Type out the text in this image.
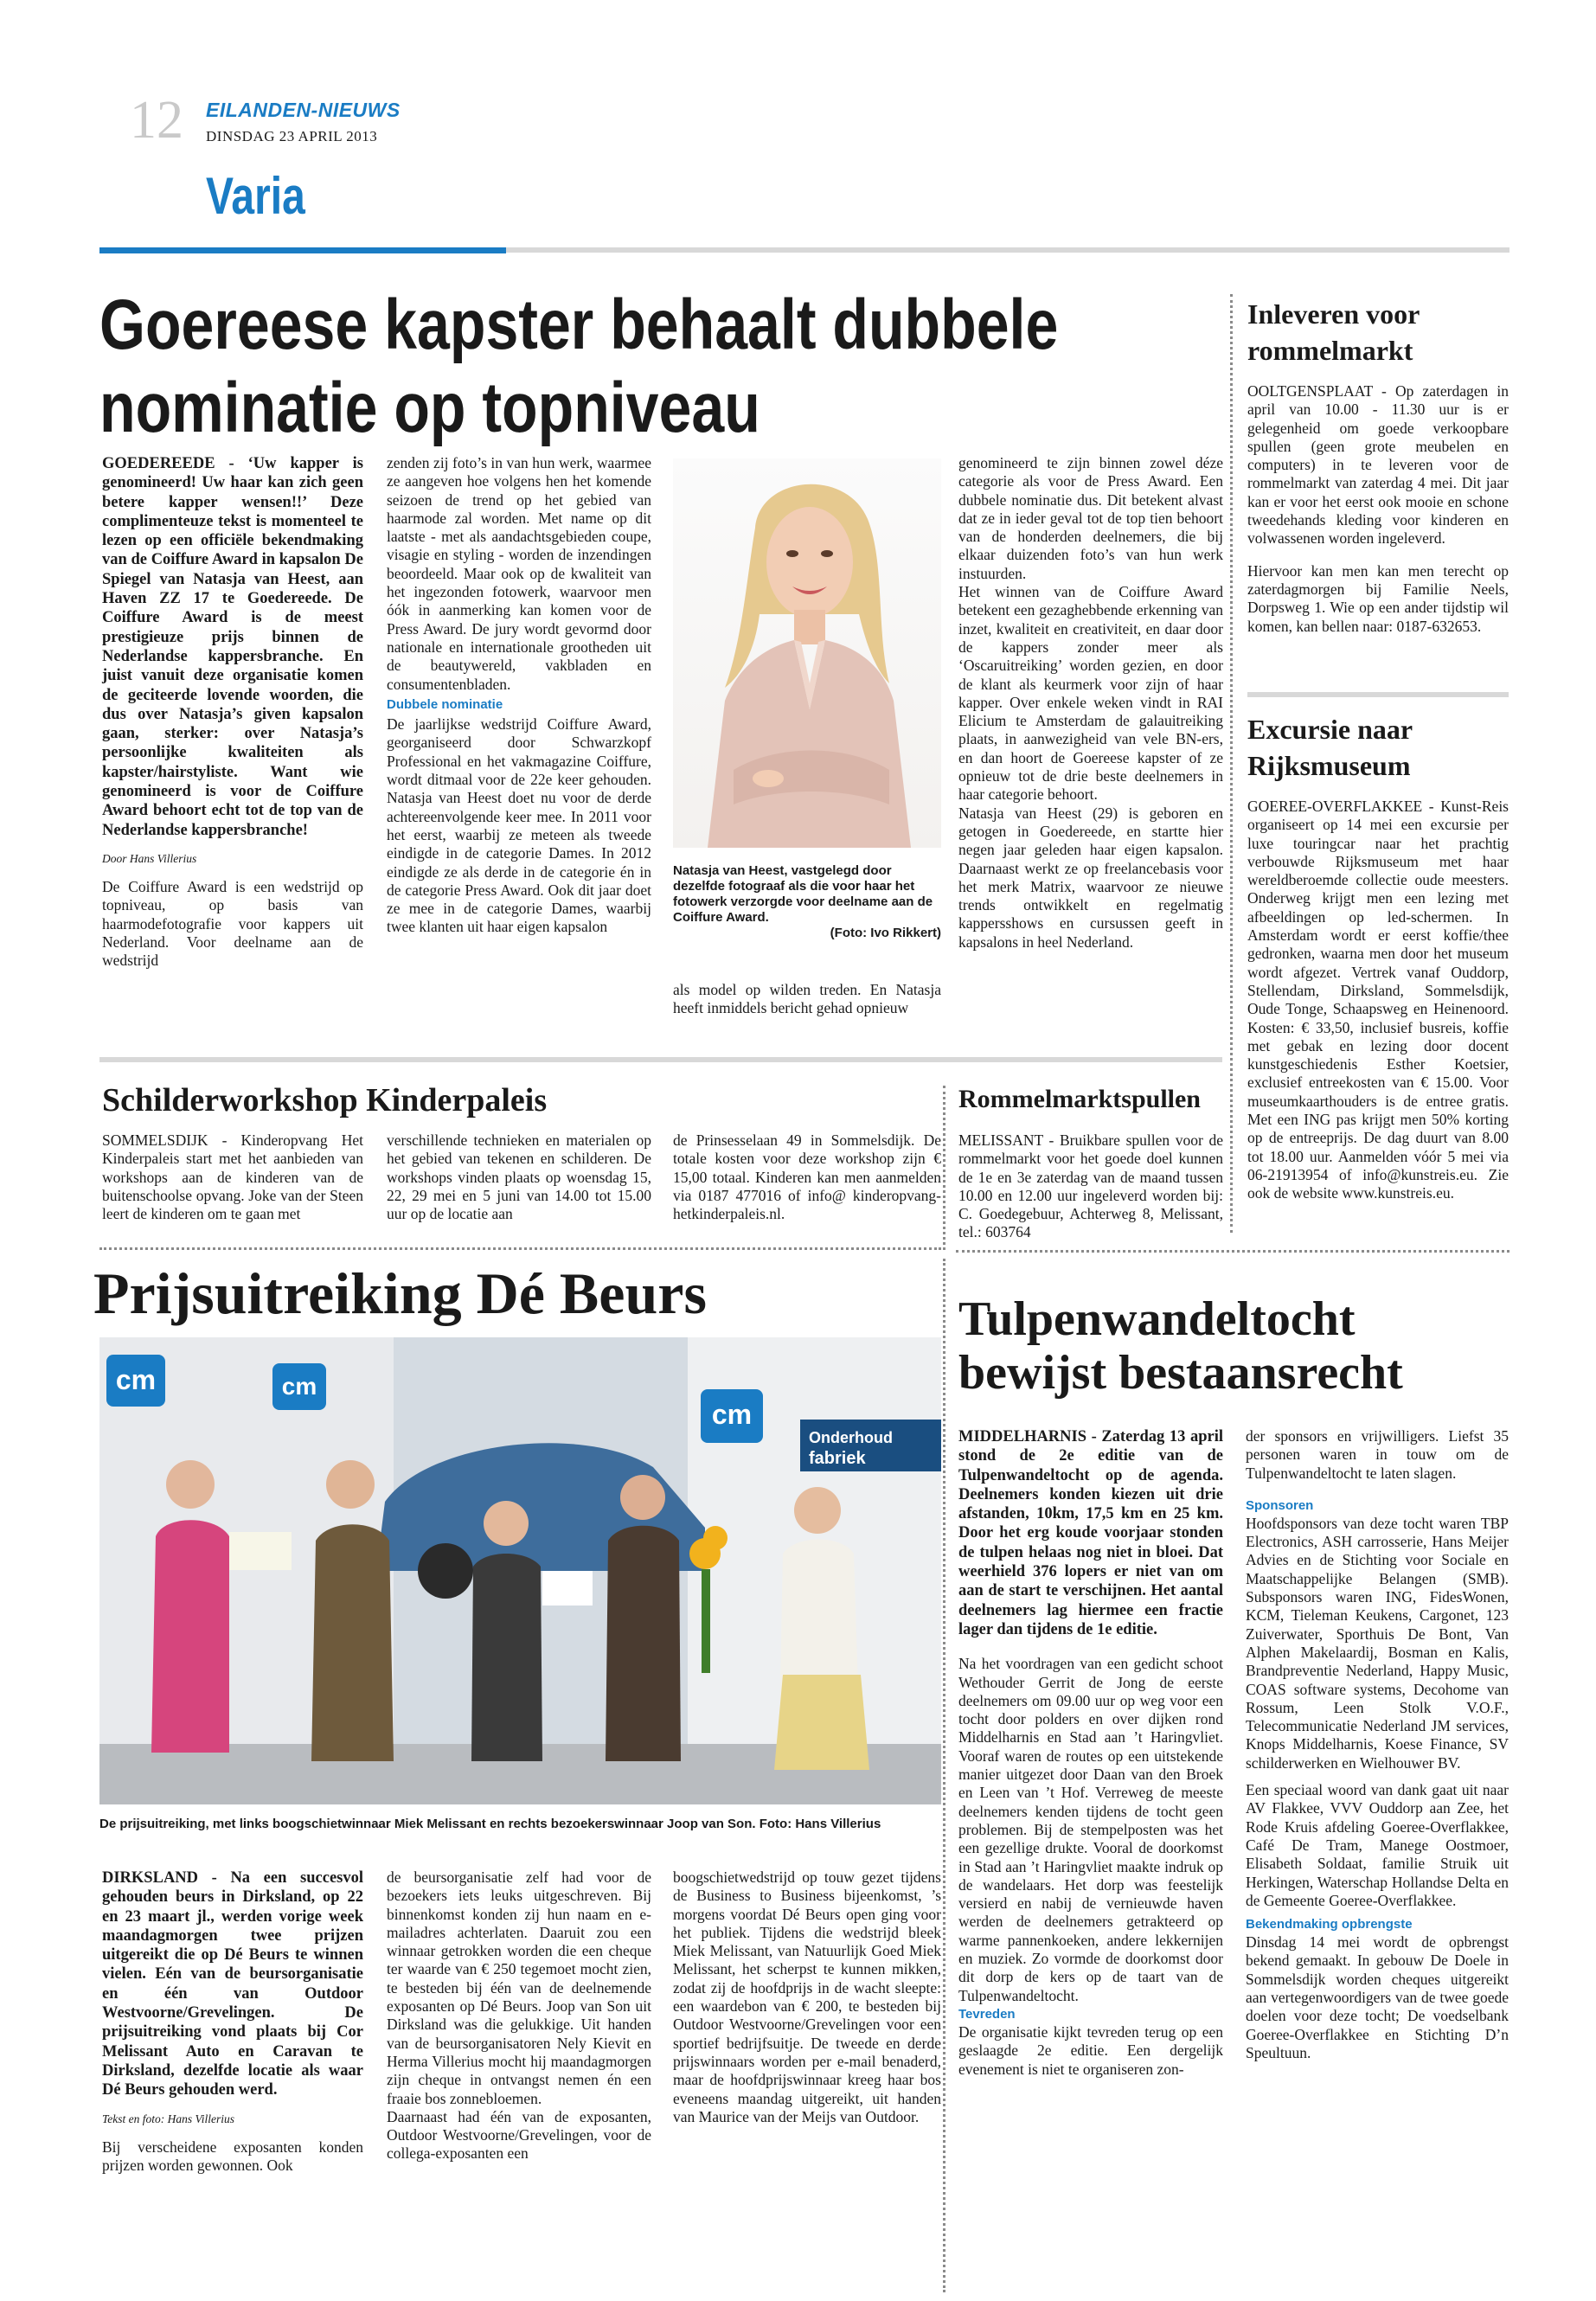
12 EILANDEN-NIEUWS
DINSDAG 23 APRIL 2013
Varia
Goereese kapster behaalt dubbele
nominatie op topniveau

GOEDEREEDE - ‘Uw kapper is genomineerd! Uw haar kan zich geen betere kapper wensen!!’ Deze complimenteuze tekst is momenteel te lezen op een officiële bekendmaking van de Coiffure Award in kapsalon De Spiegel van Natasja van Heest, aan Haven ZZ 17 te Goedereede. De Coiffure Award is de meest prestigieuze prijs binnen de Nederlandse kappersbranche. En juist vanuit deze organisatie komen de geciteerde lovende woorden, die dus over Natasja’s given kapsalon gaan, sterker: over Natasja’s persoonlijke kwaliteiten als kapster/hairstyliste. Want wie genomineerd is voor de Coiffure Award behoort echt tot de top van de Nederlandse kappersbranche!

Door Hans Villerius

De Coiffure Award is een wedstrijd op topniveau, op basis van haarmodefotografie voor kappers uit Nederland. Voor deelname aan de wedstrijd

zenden zij foto’s in van hun werk, waarmee ze aangeven hoe volgens hen het komende seizoen de trend op het gebied van haarmode zal worden. Met name op dit laatste - met als aandachtsgebieden coupe, visagie en styling - worden de inzendingen beoordeeld. Maar ook op de kwaliteit van het ingezonden fotowerk, waarvoor men óók in aanmerking kan komen voor de Press Award. De jury wordt gevormd door nationale en internationale grootheden uit de beautywereld, vakbladen en consumentenbladen.

Dubbele nominatie

De jaarlijkse wedstrijd Coiffure Award, georganiseerd door Schwarzkopf Professional en het vakmagazine Coiffure, wordt ditmaal voor de 22e keer gehouden. Natasja van Heest doet nu voor de derde achtereenvolgende keer mee. In 2011 voor het eerst, waarbij ze meteen als tweede eindigde in de categorie Dames. In 2012 eindigde ze als derde in de categorie én in de categorie Press Award. Ook dit jaar doet ze mee in de categorie Dames, waarbij twee klanten uit haar eigen kapsalon

Natasja van Heest, vastgelegd door dezelfde fotograaf als die voor haar het fotowerk verzorgde voor deelname aan de Coiffure Award.
(Foto: Ivo Rikkert)
als model op wilden treden. En Natasja heeft inmiddels bericht gehad opnieuw

genomineerd te zijn binnen zowel déze categorie als voor de Press Award. Een dubbele nominatie dus. Dit betekent alvast dat ze in ieder geval tot de top tien behoort van de honderden deelnemers, die bij elkaar duizenden foto’s van hun werk instuurden.

Het winnen van de Coiffure Award betekent een gezaghebbende erkenning van inzet, kwaliteit en creativiteit, en daar door de kappers zonder meer als ‘Oscaruitreiking’ worden gezien, en door de klant als keurmerk voor zijn of haar kapper. Over enkele weken vindt in RAI Elicium te Amsterdam de galauitreiking plaats, in aanwezigheid van vele BN-ers, en dan hoort de Goereese kapster of ze opnieuw tot de drie beste deelnemers in haar categorie behoort.

Natasja van Heest (29) is geboren en getogen in Goedereede, en startte hier negen jaar geleden haar eigen kapsalon. Daarnaast werkt ze op freelancebasis voor het merk Matrix, waarvoor ze nieuwe trends ontwikkelt en regelmatig kappersshows en cursussen geeft in kapsalons in heel Nederland.

Inleveren voor rommelmarkt
OOLTGENSPLAAT - Op zaterdagen in april van 10.00 - 11.30 uur is er gelegenheid om goede verkoopbare spullen (geen grote meubelen en computers) in te leveren voor de rommelmarkt van zaterdag 4 mei. Dit jaar kan er voor het eerst ook mooie en schone tweedehands kleding voor kinderen en volwassenen worden ingeleverd.
Hiervoor kan men kan men terecht op zaterdagmorgen bij Familie Neels, Dorpsweg 1. Wie op een ander tijdstip wil komen, kan bellen naar: 0187-632653.
Excursie naar Rijksmuseum
GOEREE-OVERFLAKKEE - Kunst-Reis organiseert op 14 mei een excursie per luxe touringcar naar het prachtig verbouwde Rijksmuseum met haar wereldberoemde collectie oude meesters. Onderweg krijgt men een lezing met afbeeldingen op led-schermen. In Amsterdam wordt er eerst koffie/thee gedronken, waarna men door het museum wordt afgezet. Vertrek vanaf Ouddorp, Stellendam, Dirksland, Sommelsdijk, Oude Tonge, Schaapsweg en Heinenoord. Kosten: € 33,50, inclusief busreis, koffie met gebak en lezing door docent kunstgeschiedenis Esther Koetsier, exclusief entreekosten van € 15.00. Voor museumkaarthouders is de entree gratis. Met een ING pas krijgt men 50% korting op de entreeprijs. De dag duurt van 8.00 tot 18.00 uur. Aanmelden vóór 5 mei via 06-21913954 of info@kunstreis.eu. Zie ook de website www.kunstreis.eu.
Schilderworkshop Kinderpaleis
SOMMELSDIJK - Kinderopvang Het Kinderpaleis start met het aanbieden van workshops aan de kinderen van de buitenschoolse opvang. Joke van der Steen leert de kinderen om te gaan met
verschillende technieken en materialen op het gebied van tekenen en schilderen. De workshops vinden plaats op woensdag 15, 22, 29 mei en 5 juni van 14.00 tot 15.00 uur op de locatie aan
de Prinsesselaan 49 in Sommelsdijk. De totale kosten voor deze workshop zijn € 15,00 totaal. Kinderen kan men aanmelden via 0187 477016 of info@ kinderopvang-hetkinderpaleis.nl.
Rommelmarktspullen
MELISSANT - Bruikbare spullen voor de rommelmarkt voor het goede doel kunnen de 1e en 3e zaterdag van de maand tussen 10.00 en 12.00 uur ingeleverd worden bij: C. Goedegebuur, Achterweg 8, Melissant, tel.: 603764
Prijsuitreiking Dé Beurs
cm	cm
cm
Onderhoud
fabriek
De prijsuitreiking, met links boogschietwinnaar Miek Melissant en rechts bezoekerswinnaar Joop van Son. Foto: Hans Villerius

DIRKSLAND - Na een succesvol gehouden beurs in Dirksland, op 22 en 23 maart jl., werden vorige week maandagmorgen twee prijzen uitgereikt die op Dé Beurs te winnen vielen. Eén van de beursorganisatie en één van Outdoor Westvoorne/Grevelingen. De prijsuitreiking vond plaats bij Cor Melissant Auto en Caravan te Dirksland, dezelfde locatie als waar Dé Beurs gehouden werd.

Tekst en foto: Hans Villerius

Bij verscheidene exposanten konden prijzen worden gewonnen. Ook

de beursorganisatie zelf had voor de bezoekers iets leuks uitgeschreven. Bij binnenkomst konden zij hun naam en e-mailadres achterlaten. Daaruit zou een winnaar getrokken worden die een cheque ter waarde van € 250 tegemoet mocht zien, te besteden bij één van de deelnemende exposanten op Dé Beurs. Joop van Son uit Dirksland was die gelukkige. Uit handen van de beursorganisatoren Nely Kievit en Herma Villerius mocht hij maandagmorgen zijn cheque in ontvangst nemen én een fraaie bos zonnebloemen.
Daarnaast had één van de exposanten, Outdoor Westvoorne/Grevelingen, voor de collega-exposanten een
boogschietwedstrijd op touw gezet tijdens de Business to Business bijeenkomst, ’s morgens voordat Dé Beurs open ging voor het publiek. Tijdens die wedstrijd bleek Miek Melissant, van Natuurlijk Goed Miek Melissant, het scherpst te kunnen mikken, zodat zij de hoofdprijs in de wacht sleepte: een waardebon van € 200, te besteden bij Outdoor Westvoorne/Grevelingen voor een sportief bedrijfsuitje. De tweede en derde prijswinnaars worden per e-mail benaderd, maar de hoofdprijswinnaar kreeg haar bos eveneens maandag uitgereikt, uit handen van Maurice van der Meijs van Outdoor.
Tulpenwandeltocht
bewijst bestaansrecht

MIDDELHARNIS - Zaterdag 13 april stond de 2e editie van de Tulpenwandeltocht op de agenda. Deelnemers konden kiezen uit drie afstanden, 10km, 17,5 km en 25 km. Door het erg koude voorjaar stonden de tulpen helaas nog niet in bloei. Dat weerhield 376 lopers er niet van om aan de start te verschijnen. Het aantal deelnemers lag hiermee een fractie lager dan tijdens de 1e editie.

Na het voordragen van een gedicht schoot Wethouder Gerrit de Jong de eerste deelnemers om 09.00 uur op weg voor een tocht door polders en over dijken rond Middelharnis en Stad aan ’t Haringvliet. Vooraf waren de routes op een uitstekende manier uitgezet door Daan van den Broek en Leen van ’t Hof. Verreweg de meeste deelnemers kenden tijdens de tocht geen problemen. Bij de stempelposten was het een gezellige drukte. Vooral de doorkomst in Stad aan ’t Haringvliet maakte indruk op de wandelaars. Het dorp was feestelijk versierd en nabij de vernieuwde haven werden de deelnemers getrakteerd op warme pannenkoeken, andere lekkernijen en muziek. Zo vormde de doorkomst door dit dorp de kers op de taart van de Tulpenwandeltocht.

Tevreden

De organisatie kijkt tevreden terug op een geslaagde 2e editie. Een dergelijk evenement is niet te organiseren zon-

der sponsors en vrijwilligers. Liefst 35 personen waren in touw om de Tulpenwandeltocht te laten slagen.

Sponsoren

Hoofdsponsors van deze tocht waren TBP Electronics, ASH carrosserie, Hans Meijer Advies en de Stichting voor Sociale en Maatschappelijke Belangen (SMB). Subsponsors waren ING, FidesWonen, KCM, Tieleman Keukens, Cargonet, 123 Zuiverwater, Sporthuis De Bont, Van Alphen Makelaardij, Bosman en Kalis, Brandpreventie Nederland, Happy Music, COAS software systems, Decohome van Rossum, Leen Stolk V.O.F., Telecommunicatie Nederland JM services, Knops Middelharnis, Koese Finance, SV schilderwerken en Wielhouwer BV.

Een speciaal woord van dank gaat uit naar AV Flakkee, VVV Ouddorp aan Zee, het Rode Kruis afdeling Goeree-Overflakkee, Café De Tram, Manege Oostmoer, Elisabeth Soldaat, familie Struik uit Herkingen, Waterschap Hollandse Delta en de Gemeente Goeree-Overflakkee.

Bekendmaking opbrengste

Dinsdag 14 mei wordt de opbrengst bekend gemaakt. In gebouw De Doele in Sommelsdijk worden cheques uitgereikt aan vertegenwoordigers van de twee goede doelen voor deze tocht; De voedselbank Goeree-Overflakkee en Stichting D’n Speultuun.
